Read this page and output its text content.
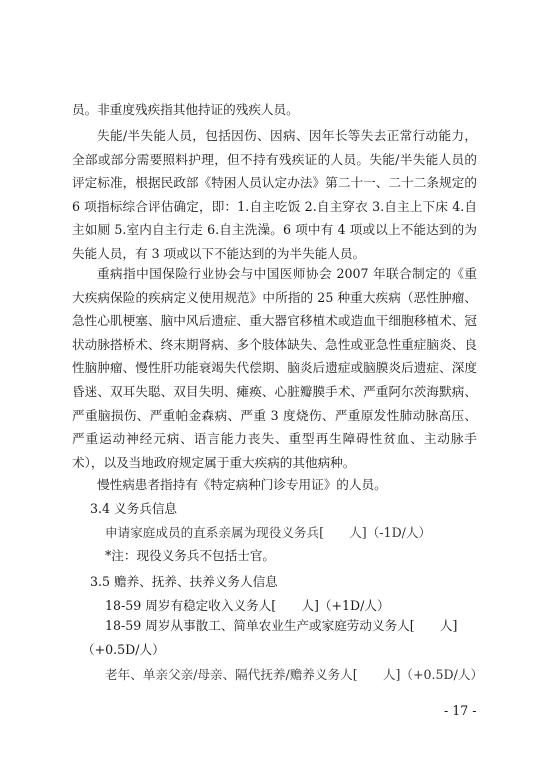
员。非重度残疾指其他持证的残疾人员。

失能/半失能人员，包括因伤、因病、因年长等失去正常行动能力，全部或部分需要照料护理，但不持有残疾证的人员。失能/半失能人员的评定标准，根据民政部《特困人员认定办法》第二十一、二十二条规定的 6 项指标综合评估确定，即：1.自主吃饭 2.自主穿衣 3.自主上下床 4.自主如厕 5.室内自主行走 6.自主洗澡。6 项中有 4 项或以上不能达到的为失能人员，有 3 项或以下不能达到的为半失能人员。

重病指中国保险行业协会与中国医师协会 2007 年联合制定的《重大疾病保险的疾病定义使用规范》中所指的 25 种重大疾病（恶性肿瘤、急性心肌梗塞、脑中风后遗症、重大器官移植术或造血干细胞移植术、冠状动脉搭桥术、终末期肾病、多个肢体缺失、急性或亚急性重症脑炎、良性脑肿瘤、慢性肝功能衰竭失代偿期、脑炎后遗症或脑膜炎后遗症、深度昏迷、双耳失聪、双目失明、瘫痪、心脏瓣膜手术、严重阿尔茨海默病、严重脑损伤、严重帕金森病、严重 3 度烧伤、严重原发性肺动脉高压、严重运动神经元病、语言能力丧失、重型再生障碍性贫血、主动脉手术），以及当地政府规定属于重大疾病的其他病种。

慢性病患者指持有《特定病种门诊专用证》的人员。

3.4 义务兵信息
申请家庭成员的直系亲属为现役义务兵[　　人]（-1D/人）
*注：现役义务兵不包括士官。
3.5 赡养、抚养、扶养义务人信息
18-59 周岁有稳定收入义务人[　　人]（+1D/人）
18-59 周岁从事散工、简单农业生产或家庭劳动义务人[　　人]
（+0.5D/人）
老年、单亲父亲/母亲、隔代抚养/赡养义务人[　　人]（+0.5D/人）
- 17 -
